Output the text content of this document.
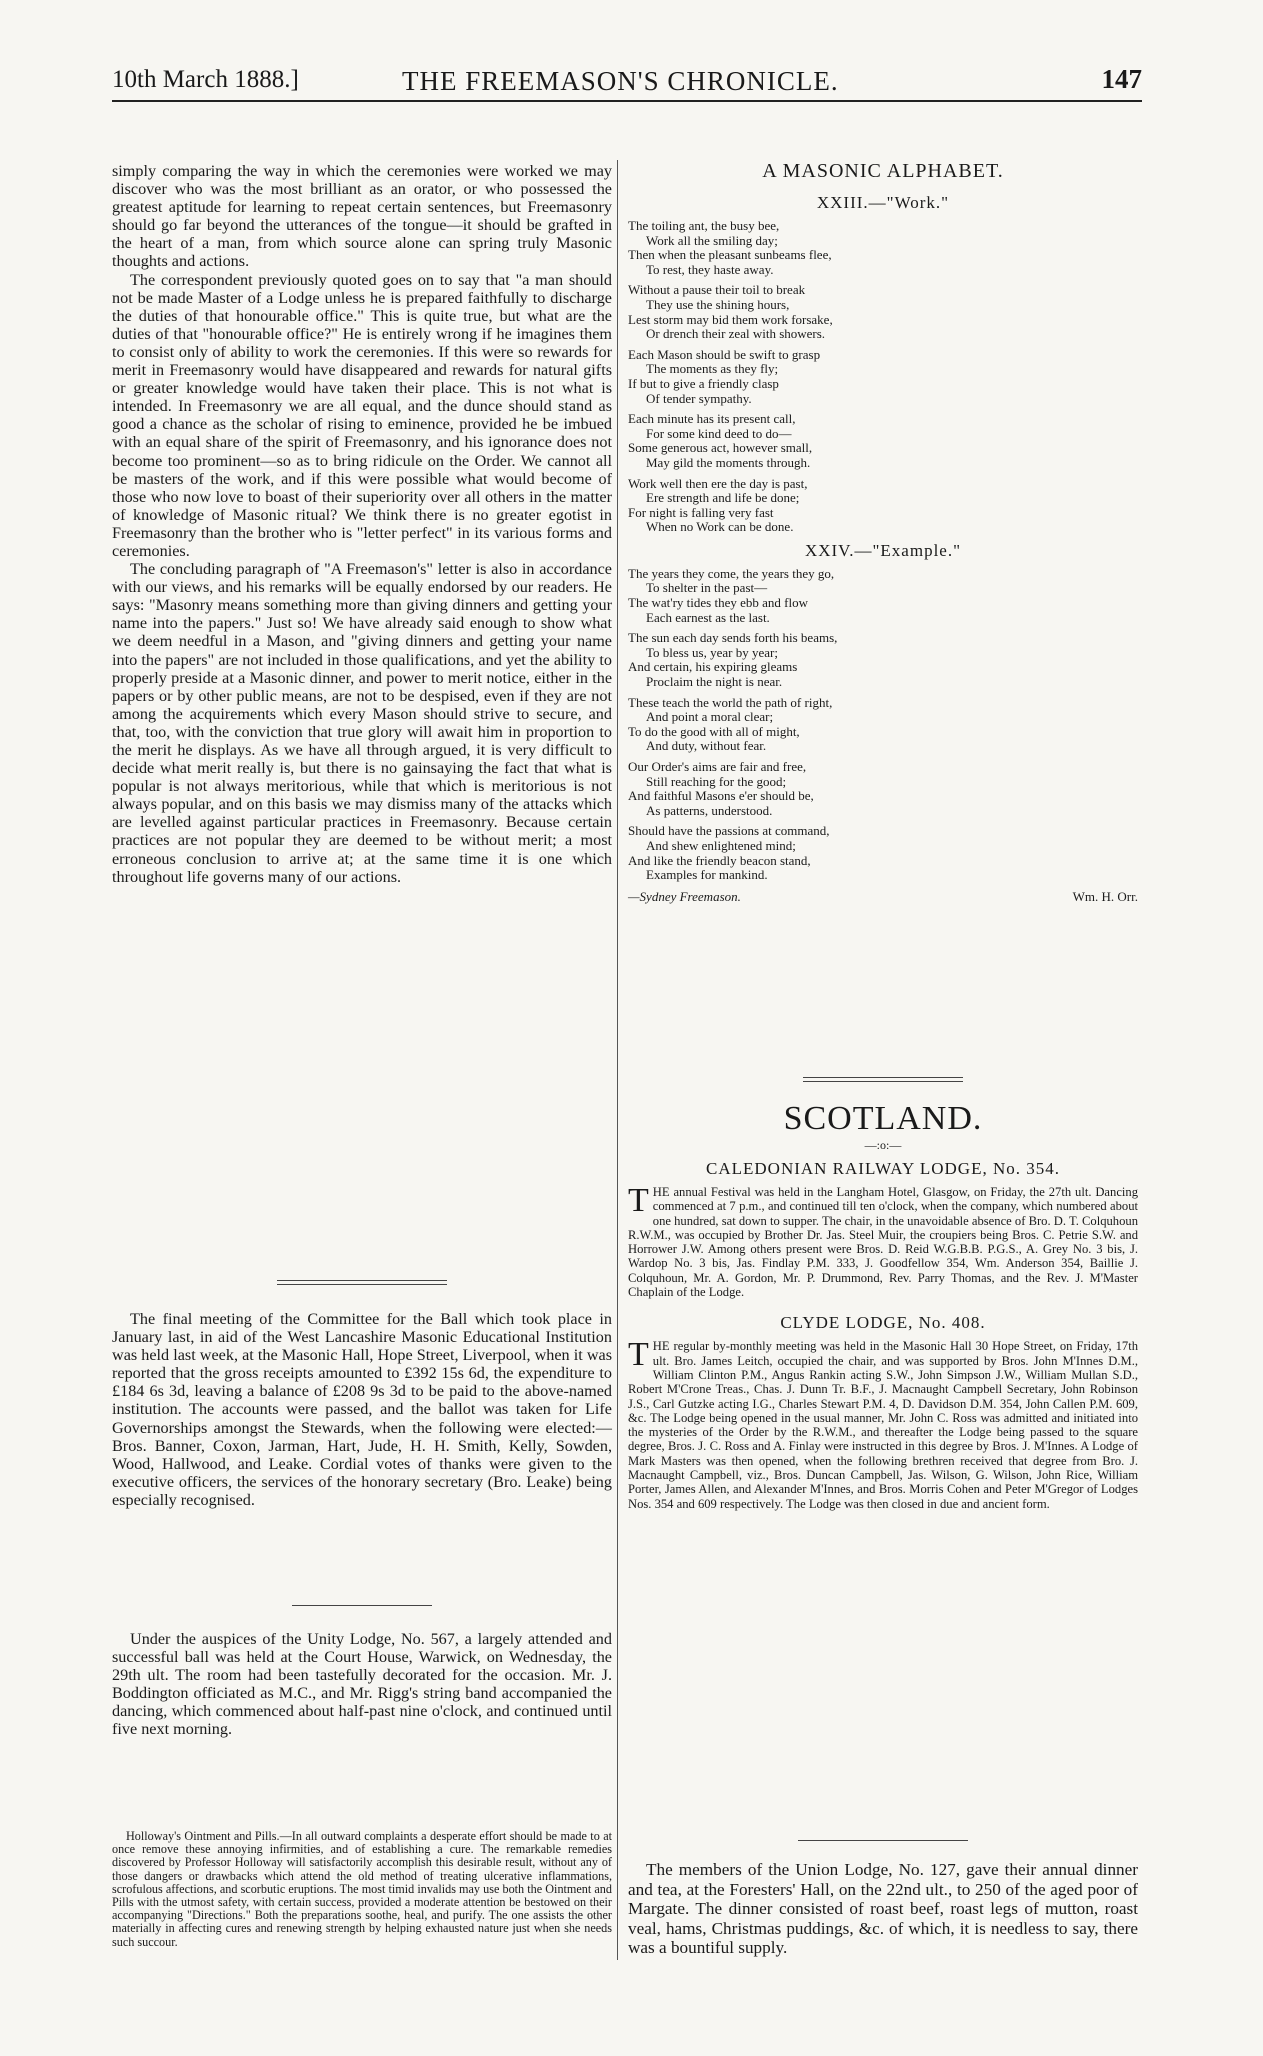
10th March 1888.]	THE FREEMASON'S CHRONICLE.	147

simply comparing the way in which the ceremonies were worked we may discover who was the most brilliant as an orator, or who possessed the greatest aptitude for learning to repeat certain sentences, but Freemasonry should go far beyond the utterances of the tongue—it should be grafted in the heart of a man, from which source alone can spring truly Masonic thoughts and actions.

The correspondent previously quoted goes on to say that "a man should not be made Master of a Lodge unless he is prepared faithfully to discharge the duties of that honourable office." This is quite true, but what are the duties of that "honourable office?" He is entirely wrong if he imagines them to consist only of ability to work the ceremonies. If this were so rewards for merit in Freemasonry would have disappeared and rewards for natural gifts or greater knowledge would have taken their place. This is not what is intended. In Freemasonry we are all equal, and the dunce should stand as good a chance as the scholar of rising to eminence, provided he be imbued with an equal share of the spirit of Freemasonry, and his ignorance does not become too prominent—so as to bring ridicule on the Order. We cannot all be masters of the work, and if this were possible what would become of those who now love to boast of their superiority over all others in the matter of knowledge of Masonic ritual? We think there is no greater egotist in Freemasonry than the brother who is "letter perfect" in its various forms and ceremonies.

The concluding paragraph of "A Freemason's" letter is also in accordance with our views, and his remarks will be equally endorsed by our readers. He says: "Masonry means something more than giving dinners and getting your name into the papers." Just so! We have already said enough to show what we deem needful in a Mason, and "giving dinners and getting your name into the papers" are not included in those qualifications, and yet the ability to properly preside at a Masonic dinner, and power to merit notice, either in the papers or by other public means, are not to be despised, even if they are not among the acquirements which every Mason should strive to secure, and that, too, with the conviction that true glory will await him in proportion to the merit he displays. As we have all through argued, it is very difficult to decide what merit really is, but there is no gainsaying the fact that what is popular is not always meritorious, while that which is meritorious is not always popular, and on this basis we may dismiss many of the attacks which are levelled against particular practices in Freemasonry. Because certain practices are not popular they are deemed to be without merit; a most erroneous conclusion to arrive at; at the same time it is one which throughout life governs many of our actions.

The final meeting of the Committee for the Ball which took place in January last, in aid of the West Lancashire Masonic Educational Institution was held last week, at the Masonic Hall, Hope Street, Liverpool, when it was reported that the gross receipts amounted to £392 15s 6d, the expenditure to £184 6s 3d, leaving a balance of £208 9s 3d to be paid to the above-named institution. The accounts were passed, and the ballot was taken for Life Governorships amongst the Stewards, when the following were elected:—Bros. Banner, Coxon, Jarman, Hart, Jude, H. H. Smith, Kelly, Sowden, Wood, Hallwood, and Leake. Cordial votes of thanks were given to the executive officers, the services of the honorary secretary (Bro. Leake) being especially recognised.

Under the auspices of the Unity Lodge, No. 567, a largely attended and successful ball was held at the Court House, Warwick, on Wednesday, the 29th ult. The room had been tastefully decorated for the occasion. Mr. J. Boddington officiated as M.C., and Mr. Rigg's string band accompanied the dancing, which commenced about half-past nine o'clock, and continued until five next morning.

Holloway's Ointment and Pills.—In all outward complaints a desperate effort should be made to at once remove these annoying infirmities, and of establishing a cure. The remarkable remedies discovered by Professor Holloway will satisfactorily accomplish this desirable result, without any of those dangers or drawbacks which attend the old method of treating ulcerative inflammations, scrofulous affections, and scorbutic eruptions. The most timid invalids may use both the Ointment and Pills with the utmost safety, with certain success, provided a moderate attention be bestowed on their accompanying "Directions." Both the preparations soothe, heal, and purify. The one assists the other materially in affecting cures and renewing strength by helping exhausted nature just when she needs such succour.

A MASONIC ALPHABET.

XXIII.—"Work."

The toiling ant, the busy bee,
Work all the smiling day;
Then when the pleasant sunbeams flee,
To rest, they haste away.
Without a pause their toil to break
They use the shining hours,
Lest storm may bid them work forsake,
Or drench their zeal with showers.
Each Mason should be swift to grasp
The moments as they fly;
If but to give a friendly clasp
Of tender sympathy.
Each minute has its present call,
For some kind deed to do—
Some generous act, however small,
May gild the moments through.
Work well then ere the day is past,
Ere strength and life be done;
For night is falling very fast
When no Work can be done.

XXIV.—"Example."

The years they come, the years they go,
To shelter in the past—
The wat'ry tides they ebb and flow
Each earnest as the last.
The sun each day sends forth his beams,
To bless us, year by year;
And certain, his expiring gleams
Proclaim the night is near.
These teach the world the path of right,
And point a moral clear;
To do the good with all of might,
And duty, without fear.
Our Order's aims are fair and free,
Still reaching for the good;
And faithful Masons e'er should be,
As patterns, understood.
Should have the passions at command,
And shew enlightened mind;
And like the friendly beacon stand,
Examples for mankind.
—Sydney Freemason.	Wm. H. Orr.

SCOTLAND.

—:o:—

CALEDONIAN RAILWAY LODGE, No. 354.

T HE annual Festival was held in the Langham Hotel, Glasgow, on Friday, the 27th ult. Dancing commenced at 7 p.m., and continued till ten o'clock, when the company, which numbered about one hundred, sat down to supper. The chair, in the unavoidable absence of Bro. D. T. Colquhoun R.W.M., was occupied by Brother Dr. Jas. Steel Muir, the croupiers being Bros. C. Petrie S.W. and Horrower J.W. Among others present were Bros. D. Reid W.G.B.B. P.G.S., A. Grey No. 3 bis, J. Wardop No. 3 bis, Jas. Findlay P.M. 333, J. Goodfellow 354, Wm. Anderson 354, Baillie J. Colquhoun, Mr. A. Gordon, Mr. P. Drummond, Rev. Parry Thomas, and the Rev. J. M'Master Chaplain of the Lodge.

CLYDE LODGE, No. 408.

T HE regular by-monthly meeting was held in the Masonic Hall 30 Hope Street, on Friday, 17th ult. Bro. James Leitch, occupied the chair, and was supported by Bros. John M'Innes D.M., William Clinton P.M., Angus Rankin acting S.W., John Simpson J.W., William Mullan S.D., Robert M'Crone Treas., Chas. J. Dunn Tr. B.F., J. Macnaught Campbell Secretary, John Robinson J.S., Carl Gutzke acting I.G., Charles Stewart P.M. 4, D. Davidson D.M. 354, John Callen P.M. 609, &c. The Lodge being opened in the usual manner, Mr. John C. Ross was admitted and initiated into the mysteries of the Order by the R.W.M., and thereafter the Lodge being passed to the square degree, Bros. J. C. Ross and A. Finlay were instructed in this degree by Bros. J. M'Innes. A Lodge of Mark Masters was then opened, when the following brethren received that degree from Bro. J. Macnaught Campbell, viz., Bros. Duncan Campbell, Jas. Wilson, G. Wilson, John Rice, William Porter, James Allen, and Alexander M'Innes, and Bros. Morris Cohen and Peter M'Gregor of Lodges Nos. 354 and 609 respectively. The Lodge was then closed in due and ancient form.

The members of the Union Lodge, No. 127, gave their annual dinner and tea, at the Foresters' Hall, on the 22nd ult., to 250 of the aged poor of Margate. The dinner consisted of roast beef, roast legs of mutton, roast veal, hams, Christmas puddings, &c. of which, it is needless to say, there was a bountiful supply.
